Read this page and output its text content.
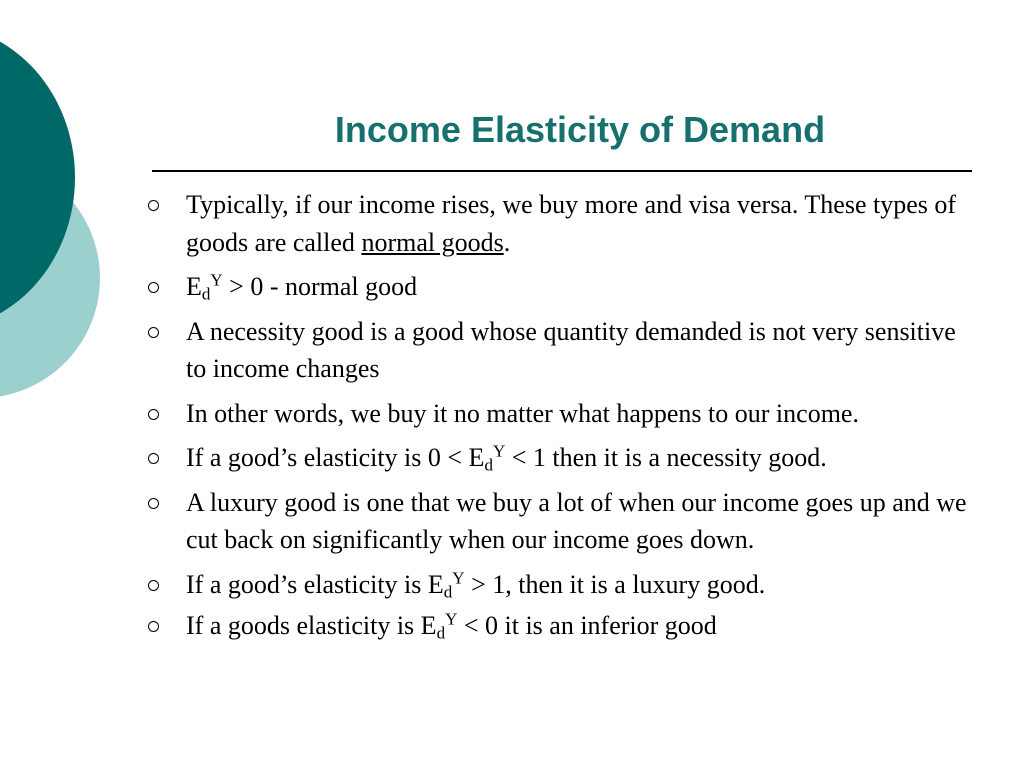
Income Elasticity of Demand
Typically, if our income rises, we buy more and visa versa. These types of goods are called normal goods.
$E_d^Y > 0$ - normal good
A necessity good is a good whose quantity demanded is not very sensitive to income changes
In other words, we buy it no matter what happens to our income.
If a good’s elasticity is $0 < E_d^Y < 1$ then it is a necessity good.
A luxury good is one that we buy a lot of when our income goes up and we cut back on significantly when our income goes down.
If a good’s elasticity is $E_d^Y > 1$, then it is a luxury good.
If a goods elasticity is $E_d^Y < 0$ it is an inferior good
